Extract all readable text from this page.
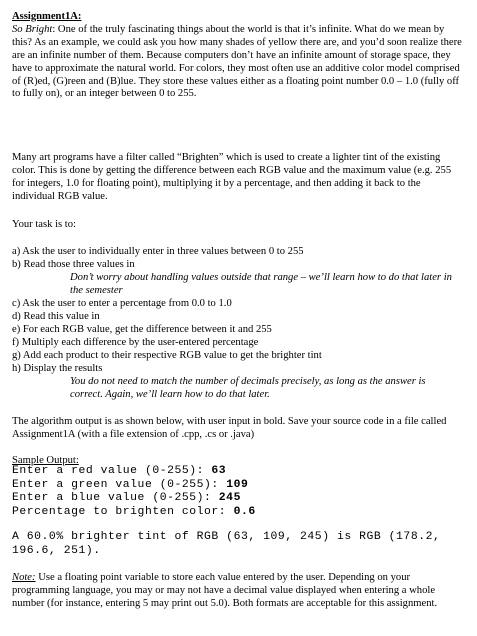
Assignment1A:
So Bright: One of the truly fascinating things about the world is that it’s infinite. What do we mean by this? As an example, we could ask you how many shades of yellow there are, and you’d soon realize there are an infinite number of them. Because computers don’t have an infinite amount of storage space, they have to approximate the natural world. For colors, they most often use an additive color model comprised of (R)ed, (G)reen and (B)lue. They store these values either as a floating point number 0.0 – 1.0 (fully off to fully on), or an integer between 0 to 255.

Many art programs have a filter called “Brighten” which is used to create a lighter tint of the existing color. This is done by getting the difference between each RGB value and the maximum value (e.g. 255 for integers, 1.0 for floating point), multiplying it by a percentage, and then adding it back to the individual RGB value.

Your task is to:

a) Ask the user to individually enter in three values between 0 to 255

b) Read those three values in

Don’t worry about handling values outside that range – we’ll learn how to do that later in the semester

c) Ask the user to enter a percentage from 0.0 to 1.0

d) Read this value in

e) For each RGB value, get the difference between it and 255

f) Multiply each difference by the user-entered percentage

g) Add each product to their respective RGB value to get the brighter tint

h) Display the results

You do not need to match the number of decimals precisely, as long as the answer is correct. Again, we’ll learn how to do that later.

The algorithm output is as shown below, with user input in bold. Save your source code in a file called Assignment1A (with a file extension of .cpp, .cs or .java)

Sample Output:

Enter a red value (0-255): 63

Enter a green value (0-255): 109

Enter a blue value (0-255): 245

Percentage to brighten color: 0.6

A 60.0% brighter tint of RGB (63, 109, 245) is RGB (178.2,

196.6, 251).

Note: Use a floating point variable to store each value entered by the user. Depending on your programming language, you may or may not have a decimal value displayed when entering a whole number (for instance, entering 5 may print out 5.0). Both formats are acceptable for this assignment.
